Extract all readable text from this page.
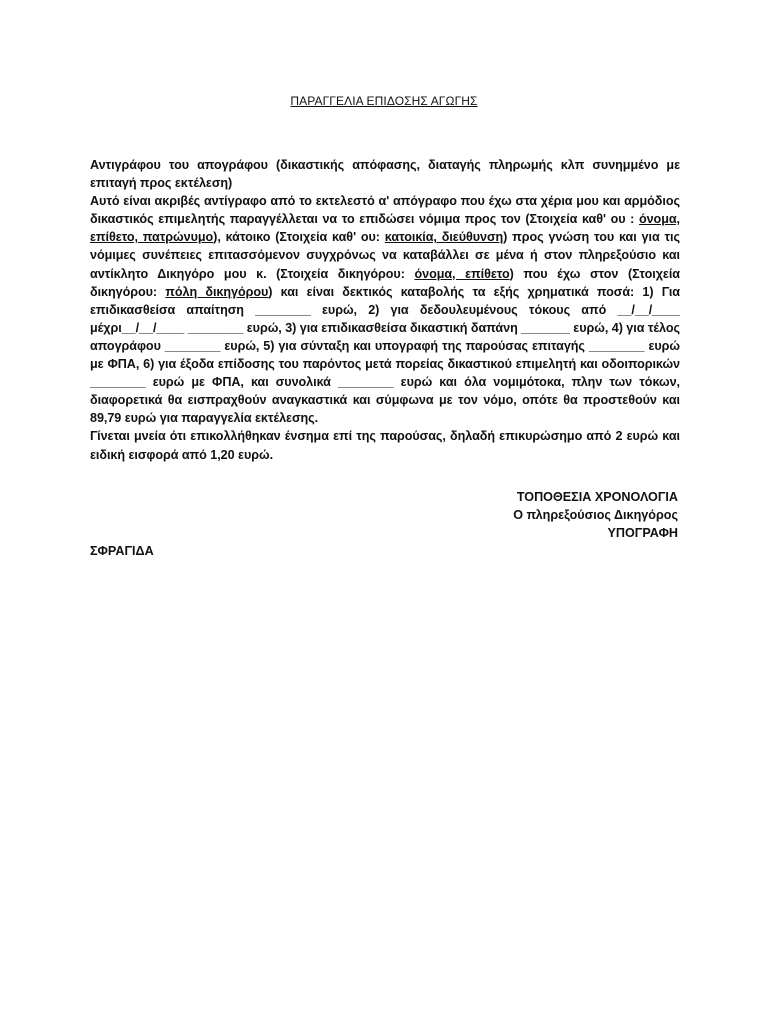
ΠΑΡΑΓΓΕΛΙΑ ΕΠΙΔΟΣΗΣ ΑΓΩΓΗΣ

Αντιγράφου του απογράφου (δικαστικής απόφασης, διαταγής πληρωμής κλπ συνημμένο με επιταγή προς εκτέλεση)

Αυτό είναι ακριβές αντίγραφο από το εκτελεστό α' απόγραφο που έχω στα χέρια μου και αρμόδιος δικαστικός επιμελητής παραγγέλλεται να το επιδώσει νόμιμα προς τον (Στοιχεία καθ' ου : όνομα, επίθετο, πατρώνυμο), κάτοικο (Στοιχεία καθ' ου: κατοικία, διεύθυνση) προς γνώση του και για τις νόμιμες συνέπειες επιτασσόμενον συγχρόνως να καταβάλλει σε μένα ή στον πληρεξούσιο και αντίκλητο Δικηγόρο μου κ. (Στοιχεία δικηγόρου: όνομα, επίθετο) που έχω στον (Στοιχεία δικηγόρου: πόλη δικηγόρου) και είναι δεκτικός καταβολής τα εξής χρηματικά ποσά: 1) Για επιδικασθείσα απαίτηση ________ ευρώ, 2) για δεδουλευμένους τόκους από __/__/____ μέχρι__/__/____ ________ ευρώ, 3) για επιδικασθείσα δικαστική δαπάνη _______ ευρώ, 4) για τέλος απογράφου ________ ευρώ, 5) για σύνταξη και υπογραφή της παρούσας επιταγής ________ ευρώ με ΦΠΑ, 6) για έξοδα επίδοσης του παρόντος μετά πορείας δικαστικού επιμελητή και οδοιπορικών ________ ευρώ με ΦΠΑ, και συνολικά ________ ευρώ και όλα νομιμότοκα, πλην των τόκων, διαφορετικά θα εισπραχθούν αναγκαστικά και σύμφωνα με τον νόμο, οπότε θα προστεθούν και 89,79 ευρώ για παραγγελία εκτέλεσης.

Γίνεται μνεία ότι επικολλήθηκαν ένσημα επί της παρούσας, δηλαδή επικυρώσημο από 2 ευρώ και ειδική εισφορά από 1,20 ευρώ.

ΤΟΠΟΘΕΣΙΑ ΧΡΟΝΟΛΟΓΙΑ
Ο πληρεξούσιος Δικηγόρος
ΥΠΟΓΡΑΦΗ
ΣΦΡΑΓΙΔΑ
